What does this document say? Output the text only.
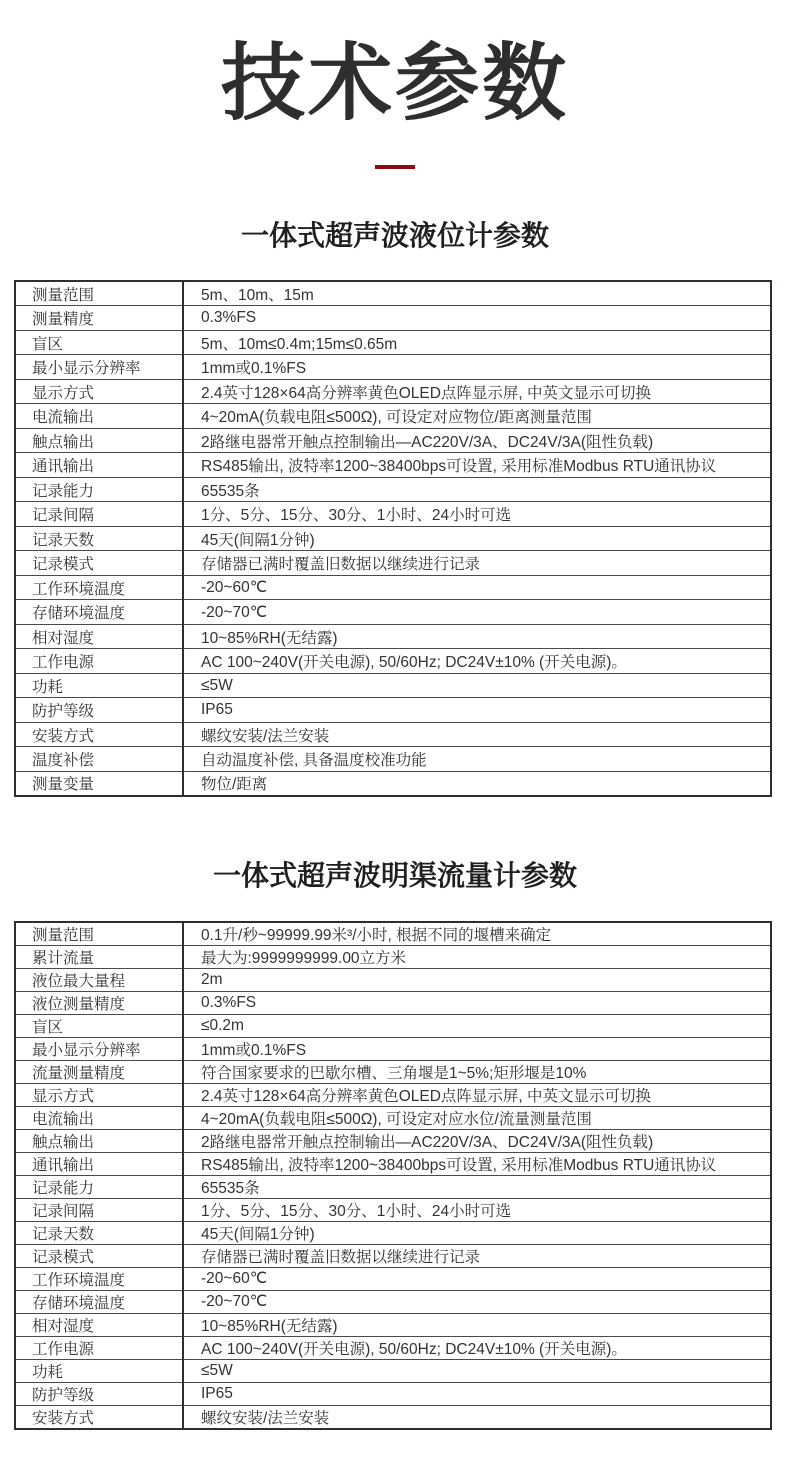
技术参数
一体式超声波液位计参数
测量范围	5m、10m、15m
测量精度	0.3%FS
盲区	5m、10m≤0.4m;15m≤0.65m
最小显示分辨率	1mm或0.1%FS
显示方式	2.4英寸128×64高分辨率黄色OLED点阵显示屏, 中英文显示可切换
电流输出	4~20mA(负载电阻≤500Ω), 可设定对应物位/距离测量范围
触点输出	2路继电器常开触点控制输出—AC220V/3A、DC24V/3A(阻性负载)
通讯输出	RS485输出, 波特率1200~38400bps可设置, 采用标准Modbus RTU通讯协议
记录能力	65535条
记录间隔	1分、5分、15分、30分、1小时、24小时可选
记录天数	45天(间隔1分钟)
记录模式	存储器已满时覆盖旧数据以继续进行记录
工作环境温度	-20~60℃
存储环境温度	-20~70℃
相对湿度	10~85%RH(无结露)
工作电源	AC 100~240V(开关电源), 50/60Hz; DC24V±10% (开关电源)。
功耗	≤5W
防护等级	IP65
安装方式	螺纹安装/法兰安装
温度补偿	自动温度补偿, 具备温度校准功能
测量变量	物位/距离
一体式超声波明渠流量计参数
测量范围	0.1升/秒~99999.99米³/小时, 根据不同的堰槽来确定
累计流量	最大为:9999999999.00立方米
液位最大量程	2m
液位测量精度	0.3%FS
盲区	≤0.2m
最小显示分辨率	1mm或0.1%FS
流量测量精度	符合国家要求的巴歇尔槽、三角堰是1~5%;矩形堰是10%
显示方式	2.4英寸128×64高分辨率黄色OLED点阵显示屏, 中英文显示可切换
电流输出	4~20mA(负载电阻≤500Ω), 可设定对应水位/流量测量范围
触点输出	2路继电器常开触点控制输出—AC220V/3A、DC24V/3A(阻性负载)
通讯输出	RS485输出, 波特率1200~38400bps可设置, 采用标准Modbus RTU通讯协议
记录能力	65535条
记录间隔	1分、5分、15分、30分、1小时、24小时可选
记录天数	45天(间隔1分钟)
记录模式	存储器已满时覆盖旧数据以继续进行记录
工作环境温度	-20~60℃
存储环境温度	-20~70℃
相对湿度	10~85%RH(无结露)
工作电源	AC 100~240V(开关电源), 50/60Hz; DC24V±10% (开关电源)。
功耗	≤5W
防护等级	IP65
安装方式	螺纹安装/法兰安装
